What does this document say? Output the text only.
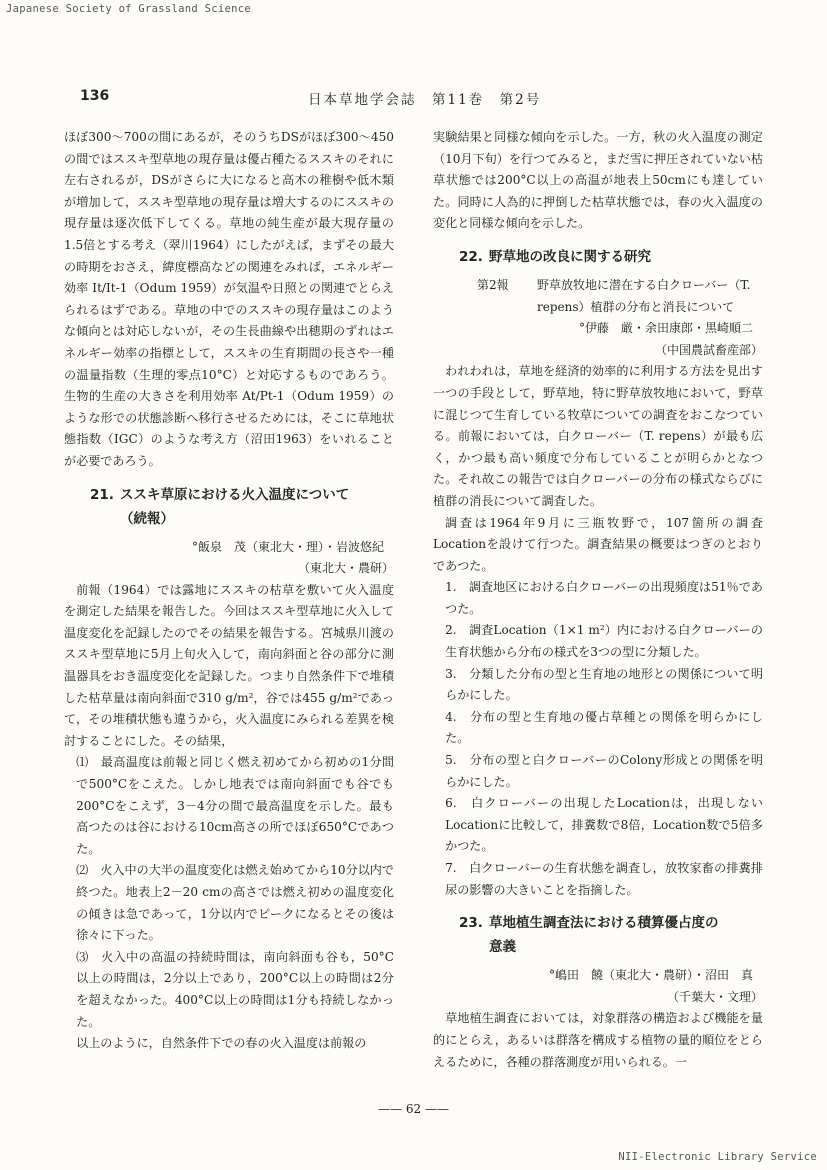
Japanese Society of Grassland Science
136	日本草地学会誌　第11巻　第2号

ほぼ300～700の間にあるが，そのうちDSがほぼ300～450の間ではススキ型草地の現存量は優占種たるススキのそれに左右されるが，DSがさらに大になると高木の稚樹や低木類が増加して，ススキ型草地の現存量は増大するのにススキの現存量は逐次低下してくる。草地の純生産が最大現存量の1.5倍とする考え（翠川1964）にしたがえば，まずその最大の時期をおさえ，緯度標高などの関連をみれば，エネルギー効率 It/It-1（Odum 1959）が気温や日照との関連でとらえられるはずである。草地の中でのススキの現存量はこのような傾向とは対応しないが，その生長曲線や出穂期のずれはエネルギー効率の指標として，ススキの生育期間の長さや一種の温量指数（生理的零点10°C）と対応するものであろう。生物的生産の大きさを利用効率 At/Pt-1（Odum 1959）のような形での状態診断へ移行させるためには，そこに草地状態指数（IGC）のような考え方（沼田1963）をいれることが必要であろう。

21. ススキ草原における火入温度について（続報）

°飯泉　茂（東北大・理）・岩波悠紀

（東北大・農研）

前報（1964）では露地にススキの枯草を敷いて火入温度を測定した結果を報告した。今回はススキ型草地に火入して温度変化を記録したのでその結果を報告する。宮城県川渡のススキ型草地に5月上旬火入して，南向斜面と谷の部分に測温器具をおき温度変化を記録した。つまり自然条件下で堆積した枯草量は南向斜面で310 g/m²，谷では455 g/m²であって，その堆積状態も違うから，火入温度にみられる差異を検討することにした。その結果，

⑴　最高温度は前報と同じく燃え初めてから初めの1分間で500°Cをこえた。しかし地表では南向斜面でも谷でも200°Cをこえず，3－4分の間で最高温度を示した。最も高つたのは谷における10cm高さの所でほぼ650°Cであつた。

⑵　火入中の大半の温度変化は燃え始めてから10分以内で終つた。地表上2－20 cmの高さでは燃え初めの温度変化の傾きは急であって，1分以内でピークになるとその後は徐々に下った。

⑶　火入中の高温の持続時間は，南向斜面も谷も，50°C以上の時間は，2分以上であり，200°C以上の時間は2分を超えなかった。400°C以上の時間は1分も持続しなかった。

以上のように，自然条件下での春の火入温度は前報の

実験結果と同様な傾向を示した。一方，秋の火入温度の測定（10月下旬）を行つてみると，まだ雪に押圧されていない枯草状態では200°C以上の高温が地表上50cmにも達していた。同時に人為的に押倒した枯草状態では，春の火入温度の変化と同様な傾向を示した。

22. 野草地の改良に関する研究
第2報	野草放牧地に潜在する白クローバー（T. repens）植群の分布と消長について

°伊藤　厳・余田康郎・黒崎順二

（中国農試畜産部）

われわれは，草地を経済的効率的に利用する方法を見出す一つの手段として，野草地，特に野草放牧地において，野草に混じつて生育している牧草についての調査をおこなつている。前報においては，白クローバー（T. repens）が最も広く，かつ最も高い頻度で分布していることが明らかとなつた。それ故この報告では白クローバーの分布の様式ならびに植群の消長について調査した。

調査は1964年9月に三瓶牧野で，107箇所の調査Locationを設けて行つた。調査結果の概要はつぎのとおりであつた。

1.　調査地区における白クローバーの出現頻度は51％であつた。

2.　調査Location（1×1 m²）内における白クローバーの生育状態から分布の様式を3つの型に分類した。

3.　分類した分布の型と生育地の地形との関係について明らかにした。

4.　分布の型と生育地の優占草種との関係を明らかにした。

5.　分布の型と白クローバーのColony形成との関係を明らかにした。

6.　白クローバーの出現したLocationは，出現しないLocationに比較して，排糞数で8倍，Location数で5倍多かつた。

7.　白クローバーの生育状態を調査し，放牧家畜の排糞排尿の影響の大きいことを指摘した。

23. 草地植生調査法における積算優占度の意義

°嶋田　饒（東北大・農研）・沼田　真

（千葉大・文理）

草地植生調査においては，対象群落の構造および機能を量的にとらえ，あるいは群落を構成する植物の量的順位をとらえるために，各種の群落測度が用いられる。一

—— 62 ——
NII-Electronic Library Service
